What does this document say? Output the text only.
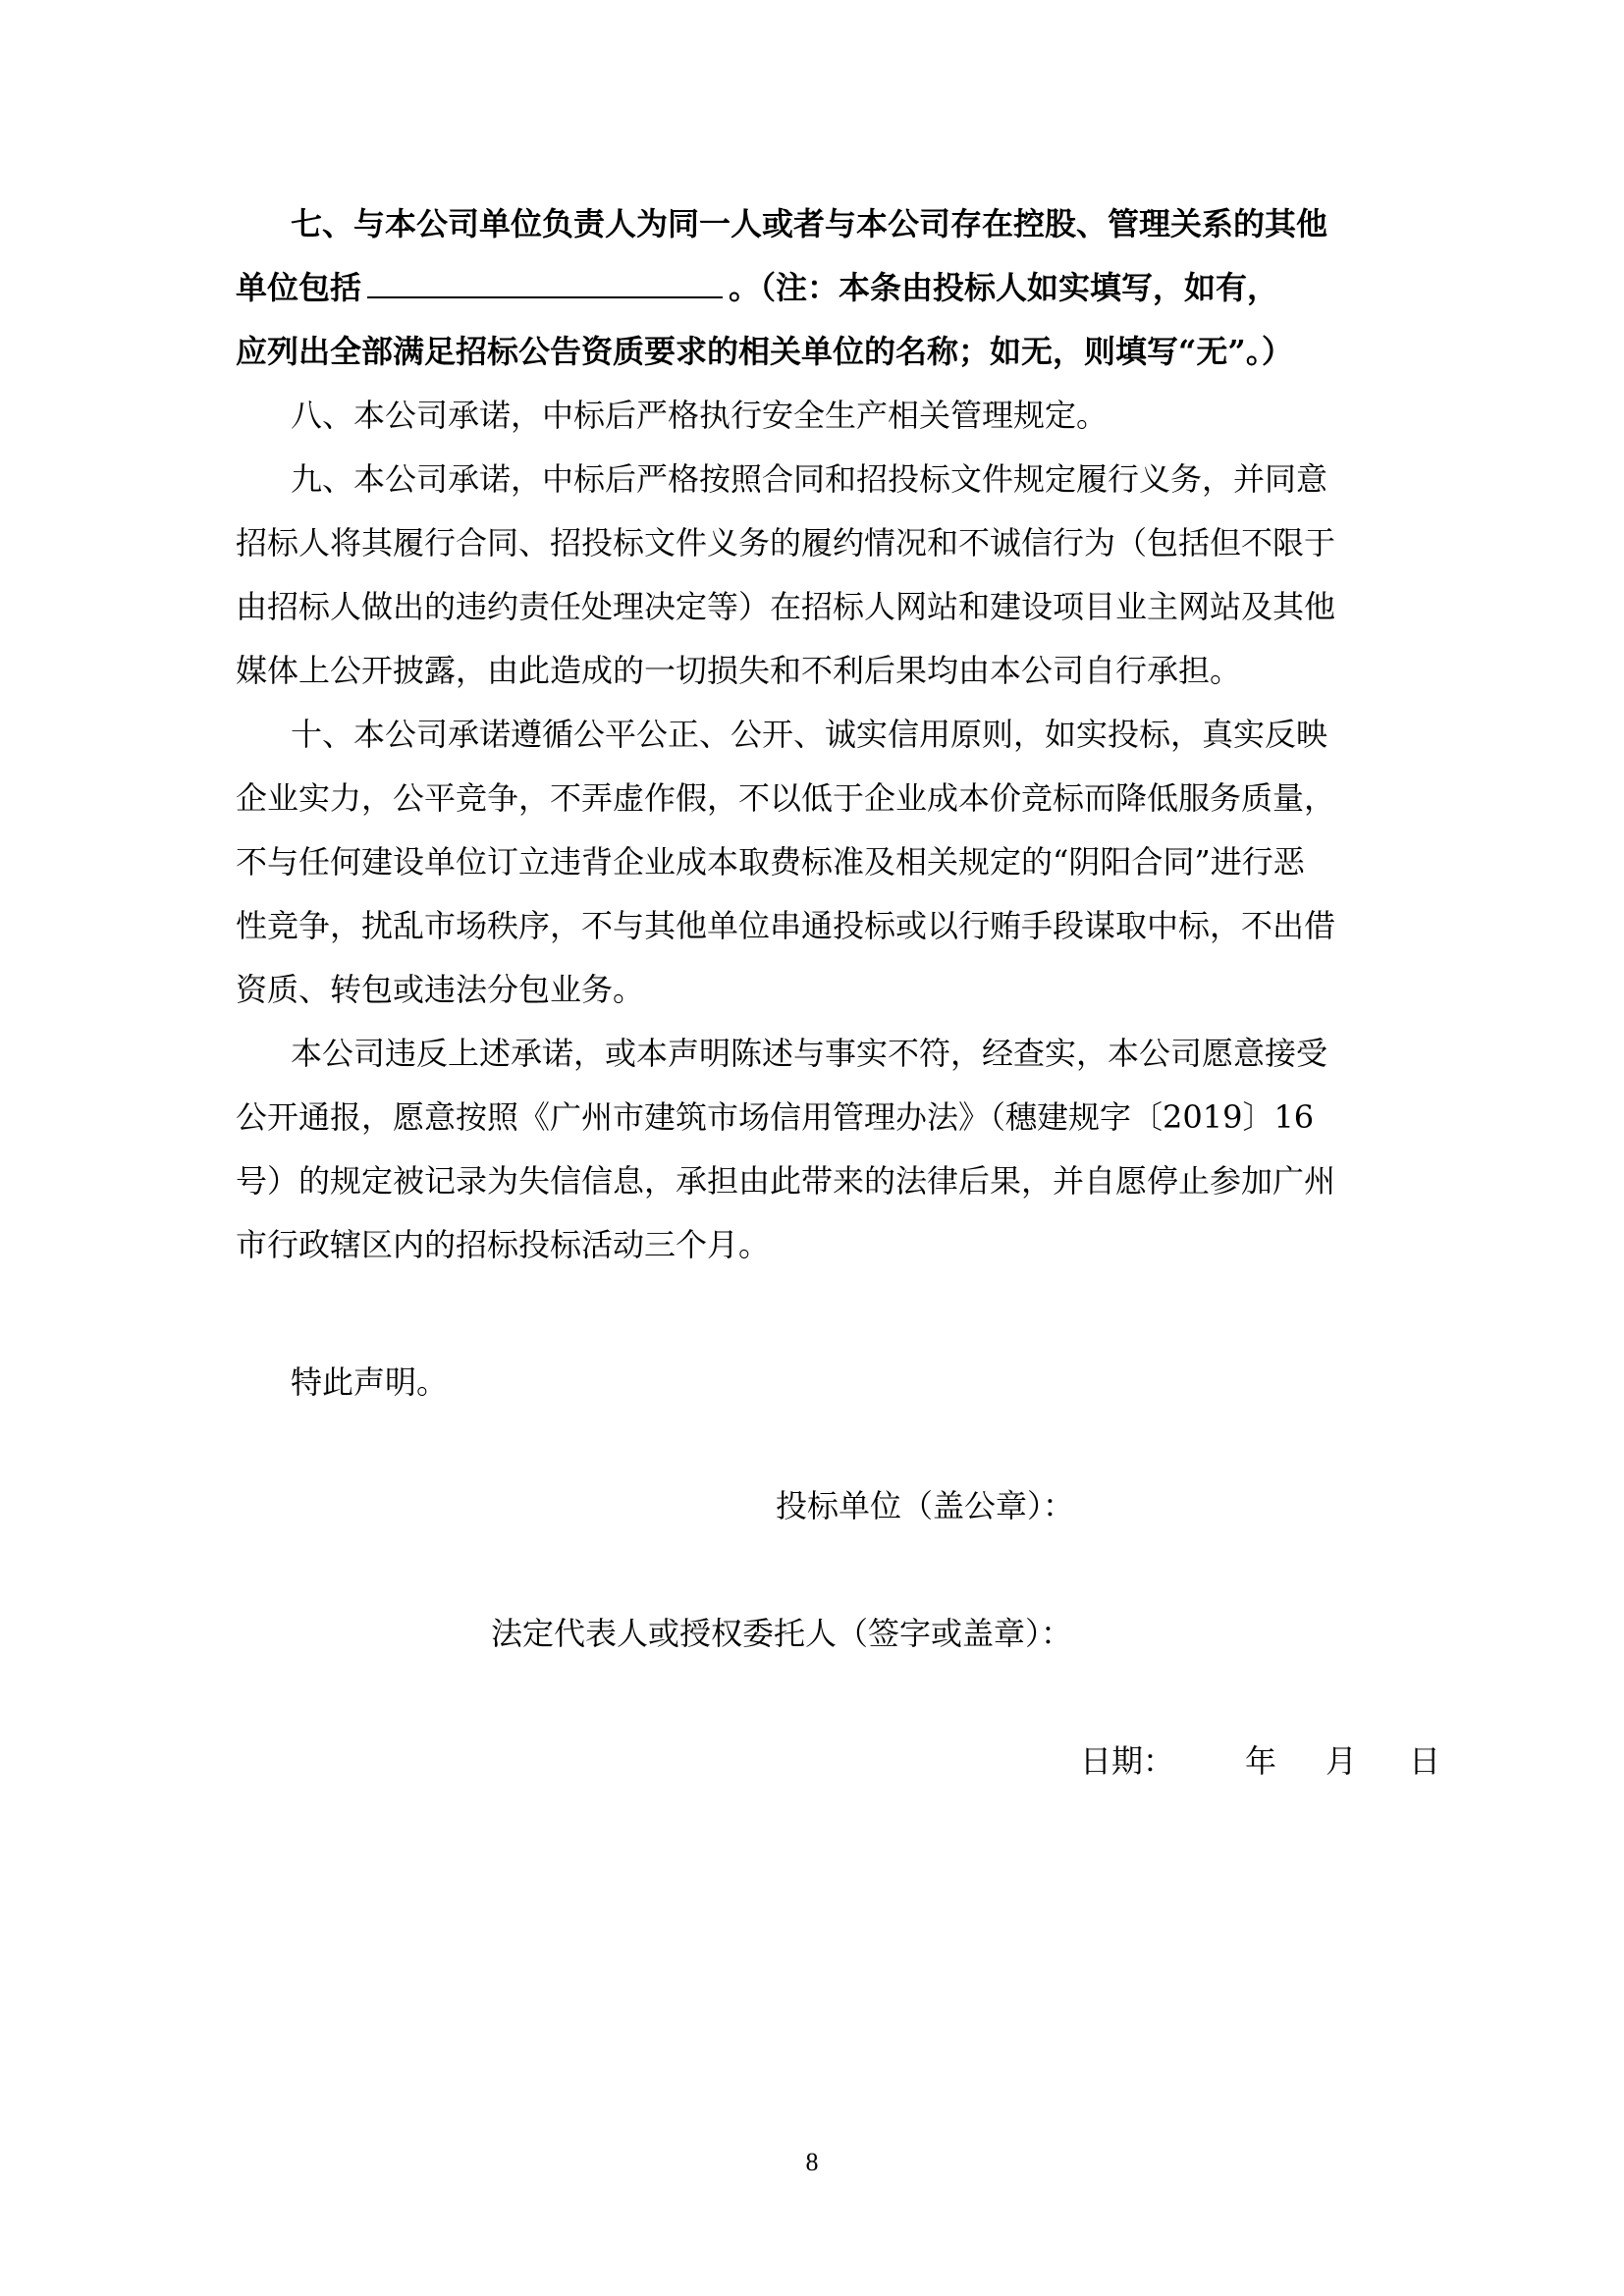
七、与本公司单位负责人为同一人或者与本公司存在控股、管理关系的其他
单位包括	。（注：本条由投标人如实填写，如有，
应列出全部满足招标公告资质要求的相关单位的名称；如无，则填写“无”。）
八、本公司承诺，中标后严格执行安全生产相关管理规定。
九、本公司承诺，中标后严格按照合同和招投标文件规定履行义务，并同意
招标人将其履行合同、招投标文件义务的履约情况和不诚信行为（包括但不限于
由招标人做出的违约责任处理决定等）在招标人网站和建设项目业主网站及其他
媒体上公开披露，由此造成的一切损失和不利后果均由本公司自行承担。
十、本公司承诺遵循公平公正、公开、诚实信用原则，如实投标，真实反映
企业实力，公平竞争，不弄虚作假，不以低于企业成本价竞标而降低服务质量，
不与任何建设单位订立违背企业成本取费标准及相关规定的“阴阳合同”进行恶
性竞争，扰乱市场秩序，不与其他单位串通投标或以行贿手段谋取中标，不出借
资质、转包或违法分包业务。
本公司违反上述承诺，或本声明陈述与事实不符，经查实，本公司愿意接受
公开通报，愿意按照《广州市建筑市场信用管理办法》（穗建规字〔2019〕16
号）的规定被记录为失信信息，承担由此带来的法律后果，并自愿停止参加广州
市行政辖区内的招标投标活动三个月。
特此声明。

投标单位（盖公章）：

法定代表人或授权委托人（签字或盖章）：

日期： 年 月 日

8
